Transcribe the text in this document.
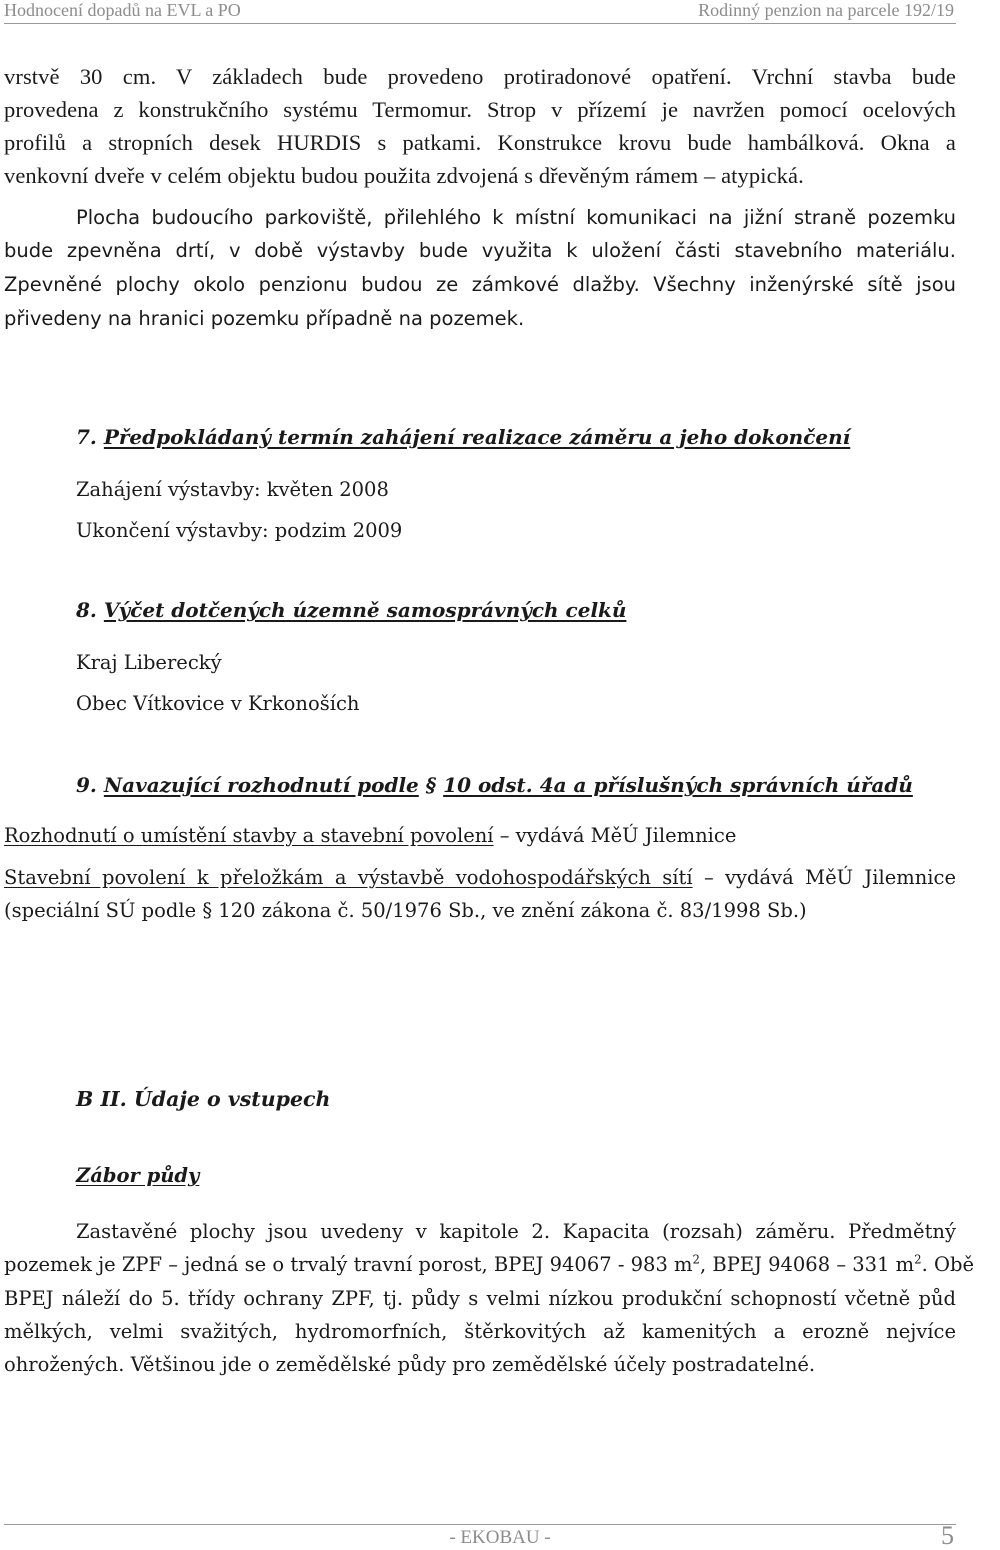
Hodnocení dopadů na EVL a PO	Rodinný penzion na parcele 192/19
vrstvě 30 cm. V základech bude provedeno protiradonové opatření. Vrchní stavba bude
provedena z konstrukčního systému Termomur. Strop v přízemí je navržen pomocí ocelových
profilů a stropních desek HURDIS s patkami. Konstrukce krovu bude hambálková. Okna a
venkovní dveře v celém objektu budou použita zdvojená s dřevěným rámem – atypická.
Plocha budoucího parkoviště, přilehlého k místní komunikaci na jižní straně pozemku
bude zpevněna drtí, v době výstavby bude využita k uložení části stavebního materiálu.
Zpevněné plochy okolo penzionu budou ze zámkové dlažby. Všechny inženýrské sítě jsou
přivedeny na hranici pozemku případně na pozemek.
7. Předpokládaný termín zahájení realizace záměru a jeho dokončení
Zahájení výstavby: květen 2008
Ukončení výstavby: podzim 2009
8. Výčet dotčených územně samosprávných celků
Kraj Liberecký
Obec Vítkovice v Krkonoších
9. Navazující rozhodnutí podle § 10 odst. 4a a příslušných správních úřadů
Rozhodnutí o umístění stavby a stavební povolení – vydává MěÚ Jilemnice
Stavební povolení k přeložkám a výstavbě vodohospodářských sítí – vydává MěÚ Jilemnice
(speciální SÚ podle § 120 zákona č. 50/1976 Sb., ve znění zákona č. 83/1998 Sb.)
B II. Údaje o vstupech
Zábor půdy
Zastavěné plochy jsou uvedeny v kapitole 2. Kapacita (rozsah) záměru. Předmětný
pozemek je ZPF – jedná se o trvalý travní porost, BPEJ 94067 - 983 $m^2$, BPEJ 94068 – 331 $m^2$. Obě
BPEJ náleží do 5. třídy ochrany ZPF, tj. půdy s velmi nízkou produkční schopností včetně půd
mělkých, velmi svažitých, hydromorfních, štěrkovitých až kamenitých a erozně nejvíce
ohrožených. Většinou jde o zemědělské půdy pro zemědělské účely postradatelné.
- EKOBAU -	5
